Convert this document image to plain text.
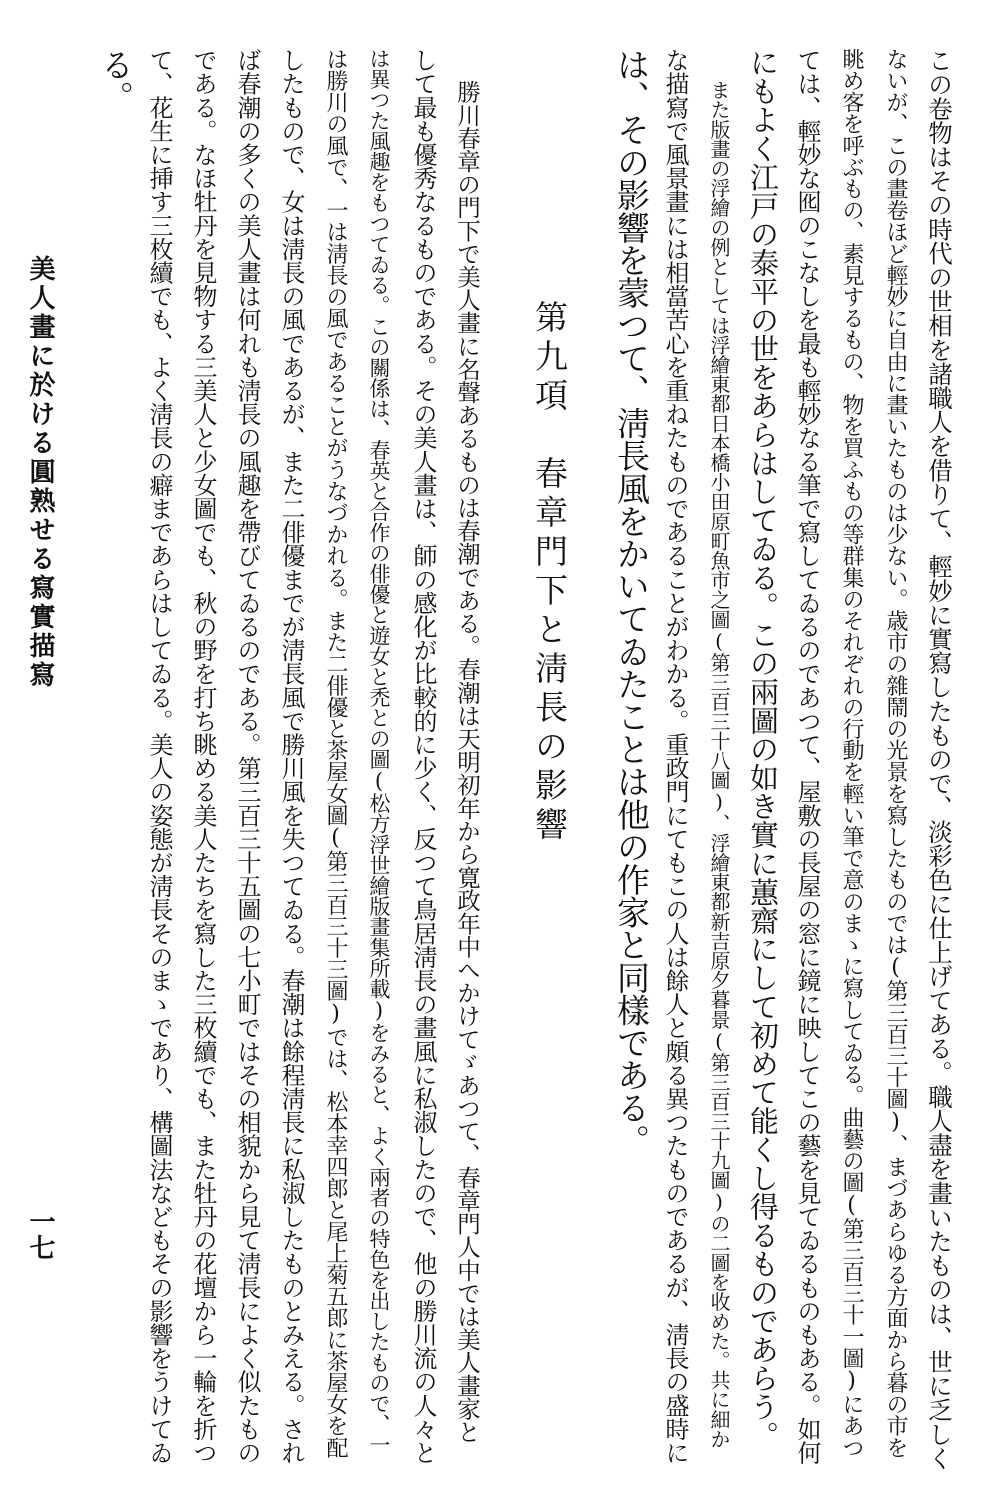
この卷物はその時代の世相を諸職人を借りて、輕妙に實寫したもので、淡彩色に仕上げてある。職人盡を畫いたものは、世に乏しく
ないが、この畫卷ほど輕妙に自由に畫いたものは少ない。歳市の雜鬧の光景を寫したものでは(第三百三十圖)、まづあらゆる方面から暮の市を
眺め客を呼ぶもの、素見するもの、物を買ふもの等群集のそれぞれの行動を輕い筆で意のまゝに寫してゐる。曲藝の圖(第三百三十一圖)にあつ
ては、輕妙な囮のこなしを最も輕妙なる筆で寫してゐるのであつて、屋敷の長屋の窓に鏡に映してこの藝を見てゐるものもある。如何
にもよく江戸の泰平の世をあらはしてゐる。この兩圖の如き實に蕙齋にして初めて能くし得るものであらう。
また版畫の浮繪の例としては浮繪東都日本橋小田原町魚市之圖(第三百三十八圖)、浮繪東都新吉原夕暮景(第三百三十九圖)の二圖を收めた。共に細か
な描寫で風景畫には相當苦心を重ねたものであることがわかる。重政門にてもこの人は餘人と頗る異つたものであるが、淸長の盛時に
は、その影響を蒙つて、淸長風をかいてゐたことは他の作家と同樣である。
第九項　春章門下と淸長の影響
勝川春章の門下で美人畫に名聲あるものは春潮である。春潮は天明初年から寛政年中へかけてゞあつて、春章門人中では美人畫家と
して最も優秀なるものである。その美人畫は、師の感化が比較的に少く、反つて鳥居淸長の畫風に私淑したので、他の勝川流の人々と
は異つた風趣をもつてゐる。この關係は、春英と合作の俳優と遊女と禿との圖(松方浮世繪版畫集所載)をみると、よく兩者の特色を出したもので、一
は勝川の風で、一は淸長の風であることがうなづかれる。また二俳優と茶屋女圖(第三百三十三圖)では、松本幸四郎と尾上菊五郎に茶屋女を配
したもので、女は淸長の風であるが、また二俳優までが淸長風で勝川風を失つてゐる。春潮は餘程淸長に私淑したものとみえる。され
ば春潮の多くの美人畫は何れも淸長の風趣を帶びてゐるのである。第三百三十五圖の七小町ではその相貌から見て淸長によく似たもの
である。なほ牡丹を見物する三美人と少女圖でも、秋の野を打ち眺める美人たちを寫した三枚續でも、また牡丹の花壇から一輪を折つ
て、花生に挿す三枚續でも、よく淸長の癖まであらはしてゐる。美人の姿態が淸長そのまゝであり、構圖法などもその影響をうけてゐ
る。
美人畫に於ける圓熟せる寫實描寫
一七
